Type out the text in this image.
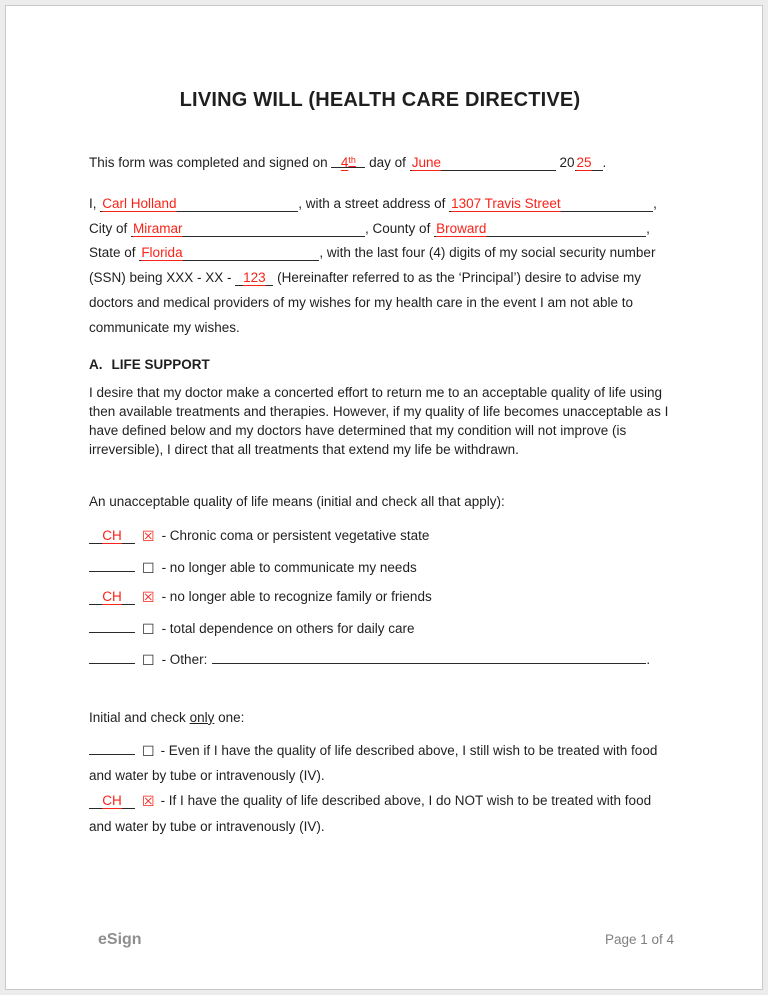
LIVING WILL (HEALTH CARE DIRECTIVE)
This form was completed and signed on 4th day of June	20 25 .

I, Carl Holland	, with a street address of 1307 Travis Street	, City of Miramar	, County of Broward	, State of Florida	, with the last four (4) digits of my social security number (SSN) being XXX - XX - 123 (Hereinafter referred to as the ‘Principal’) desire to advise my doctors and medical providers of my wishes for my health care in the event I am not able to communicate my wishes.

A. LIFE SUPPORT

I desire that my doctor make a concerted effort to return me to an acceptable quality of life using then available treatments and therapies. However, if my quality of life becomes unacceptable as I have defined below and my doctors have determined that my condition will not improve (is irreversible), I direct that all treatments that extend my life be withdrawn.

An unacceptable quality of life means (initial and check all that apply):
CH ☒ - Chronic coma or persistent vegetative state
☐ - no longer able to communicate my needs
CH ☒ - no longer able to recognize family or friends
☐ - total dependence on others for daily care
☐ - Other:	.
Initial and check only one:
☐ - Even if I have the quality of life described above, I still wish to be treated with food and water by tube or intravenously (IV).
CH ☒ - If I have the quality of life described above, I do NOT wish to be treated with food and water by tube or intravenously (IV).
eSign	Page 1 of 4
